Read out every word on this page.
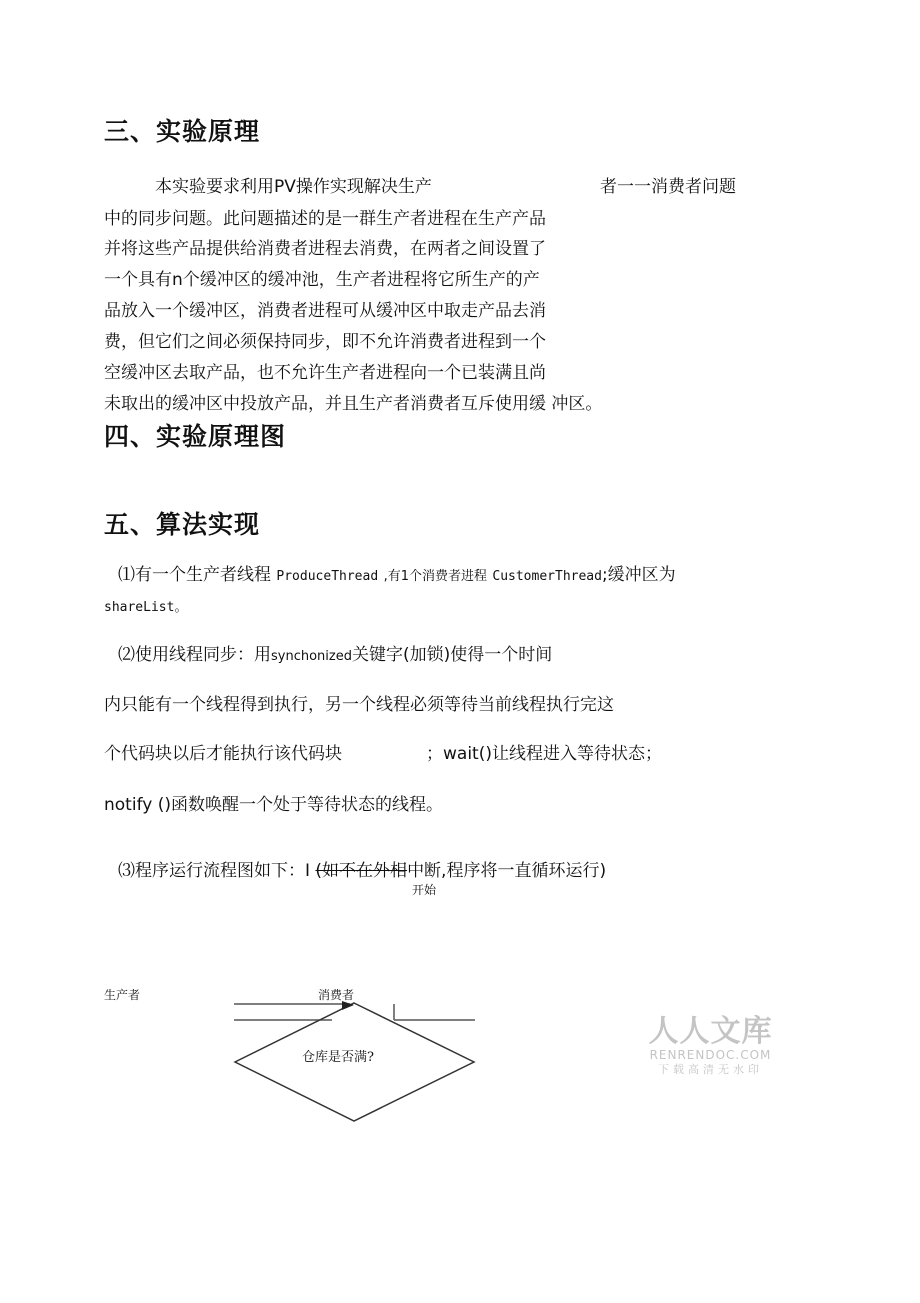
三、实验原理
本实验要求利用PV操作实现解决生产	者一一消费者问题
中的同步问题。此问题描述的是一群生产者进程在生产产品
并将这些产品提供给消费者进程去消费，在两者之间设置了
一个具有n个缓冲区的缓冲池，生产者进程将它所生产的产
品放入一个缓冲区，消费者进程可从缓冲区中取走产品去消
费，但它们之间必须保持同步，即不允许消费者进程到一个
空缓冲区去取产品，也不允许生产者进程向一个已装满且尚
未取出的缓冲区中投放产品，并且生产者消费者互斥使用缓 冲区。
四、实验原理图
五、算法实现
⑴有一个生产者线程 ProduceThread ,有1个消费者进程 CustomerThread;缓冲区为
shareList。
⑵使用线程同步：用synchonized关键字(加锁)使得一个时间
内只能有一个线程得到执行，另一个线程必须等待当前线程执行完这
个代码块以后才能执行该代码块	；wait()让线程进入等待状态；
notify ()函数唤醒一个处于等待状态的线程。
⑶程序运行流程图如下：I (如不在外相中断,程序将一直循环运行)
开始
生产者	消费者
仓库是否满?
人人文库
RENRENDOC.COM
下载高清无水印
